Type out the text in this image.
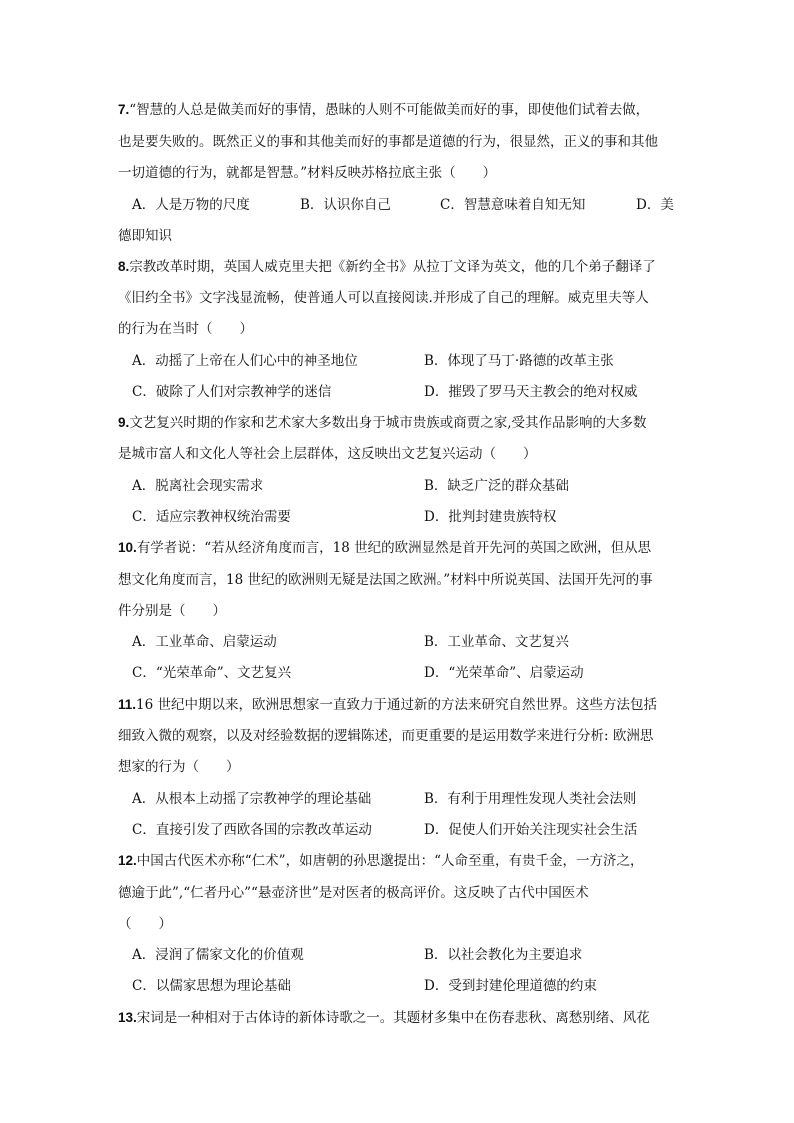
7.“智慧的人总是做美而好的事情，愚昧的人则不可能做美而好的事，即使他们试着去做，
也是要失败的。既然正义的事和其他美而好的事都是道德的行为，很显然，正义的事和其他
一切道德的行为，就都是智慧。”材料反映苏格拉底主张（　　）
A．人是万物的尺度	B．认识你自己	C．智慧意味着自知无知	D．美
德即知识
8.宗教改革时期，英国人威克里夫把《新约全书》从拉丁文译为英文，他的几个弟子翻译了
《旧约全书》文字浅显流畅，使普通人可以直接阅读.并形成了自己的理解。威克里夫等人
的行为在当时（　　）
A．动摇了上帝在人们心中的神圣地位	B．体现了马丁·路德的改革主张
C．破除了人们对宗教神学的迷信	D．摧毁了罗马天主教会的绝对权威
9.文艺复兴时期的作家和艺术家大多数出身于城市贵族或商贾之家,受其作品影响的大多数
是城市富人和文化人等社会上层群体，这反映出文艺复兴运动（　　）
A．脱离社会现实需求	B．缺乏广泛的群众基础
C．适应宗教神权统治需要	D．批判封建贵族特权
10.有学者说：“若从经济角度而言，18 世纪的欧洲显然是首开先河的英国之欧洲，但从思
想文化角度而言，18 世纪的欧洲则无疑是法国之欧洲。”材料中所说英国、法国开先河的事
件分别是（　　）
A．工业革命、启蒙运动	B．工业革命、文艺复兴
C．“光荣革命”、文艺复兴	D．“光荣革命”、启蒙运动
11.16 世纪中期以来，欧洲思想家一直致力于通过新的方法来研究自然世界。这些方法包括
细致入微的观察，以及对经验数据的逻辑陈述，而更重要的是运用数学来进行分析: 欧洲思
想家的行为（　　）
A．从根本上动摇了宗教神学的理论基础	B．有利于用理性发现人类社会法则
C．直接引发了西欧各国的宗教改革运动	D．促使人们开始关注现实社会生活
12.中国古代医术亦称“仁术”，如唐朝的孙思邈提出：“人命至重，有贵千金，一方济之，
德逾于此”,“仁者丹心”“悬壶济世”是对医者的极高评价。这反映了古代中国医术
（　　）
A．浸润了儒家文化的价值观	B．以社会教化为主要追求
C．以儒家思想为理论基础	D．受到封建伦理道德的约束
13.宋词是一种相对于古体诗的新体诗歌之一。其题材多集中在伤春悲秋、离愁别绪、风花
